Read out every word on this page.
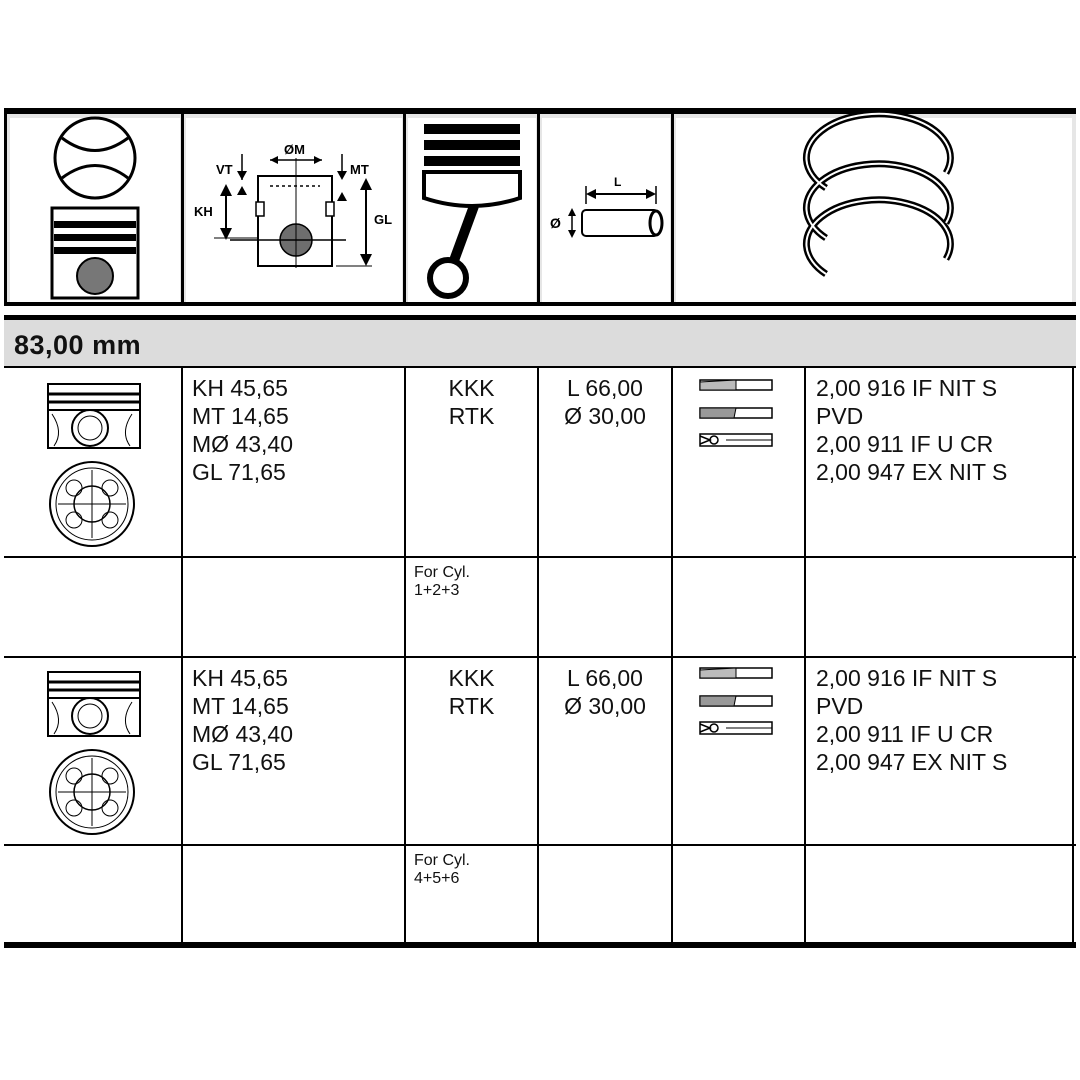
VT
KH
ØM
MT
GL
L
Ø
83,00 mm
KH 45,65
MT 14,65
MØ 43,40
GL 71,65
KKK
RTK
L 66,00
Ø 30,00
2,00 916 IF NIT S
PVD
2,00 911 IF U CR
2,00 947 EX NIT S
For Cyl.
1+2+3
KH 45,65
MT 14,65
MØ 43,40
GL 71,65
KKK
RTK
L 66,00
Ø 30,00
2,00 916 IF NIT S
PVD
2,00 911 IF U CR
2,00 947 EX NIT S
For Cyl.
4+5+6
